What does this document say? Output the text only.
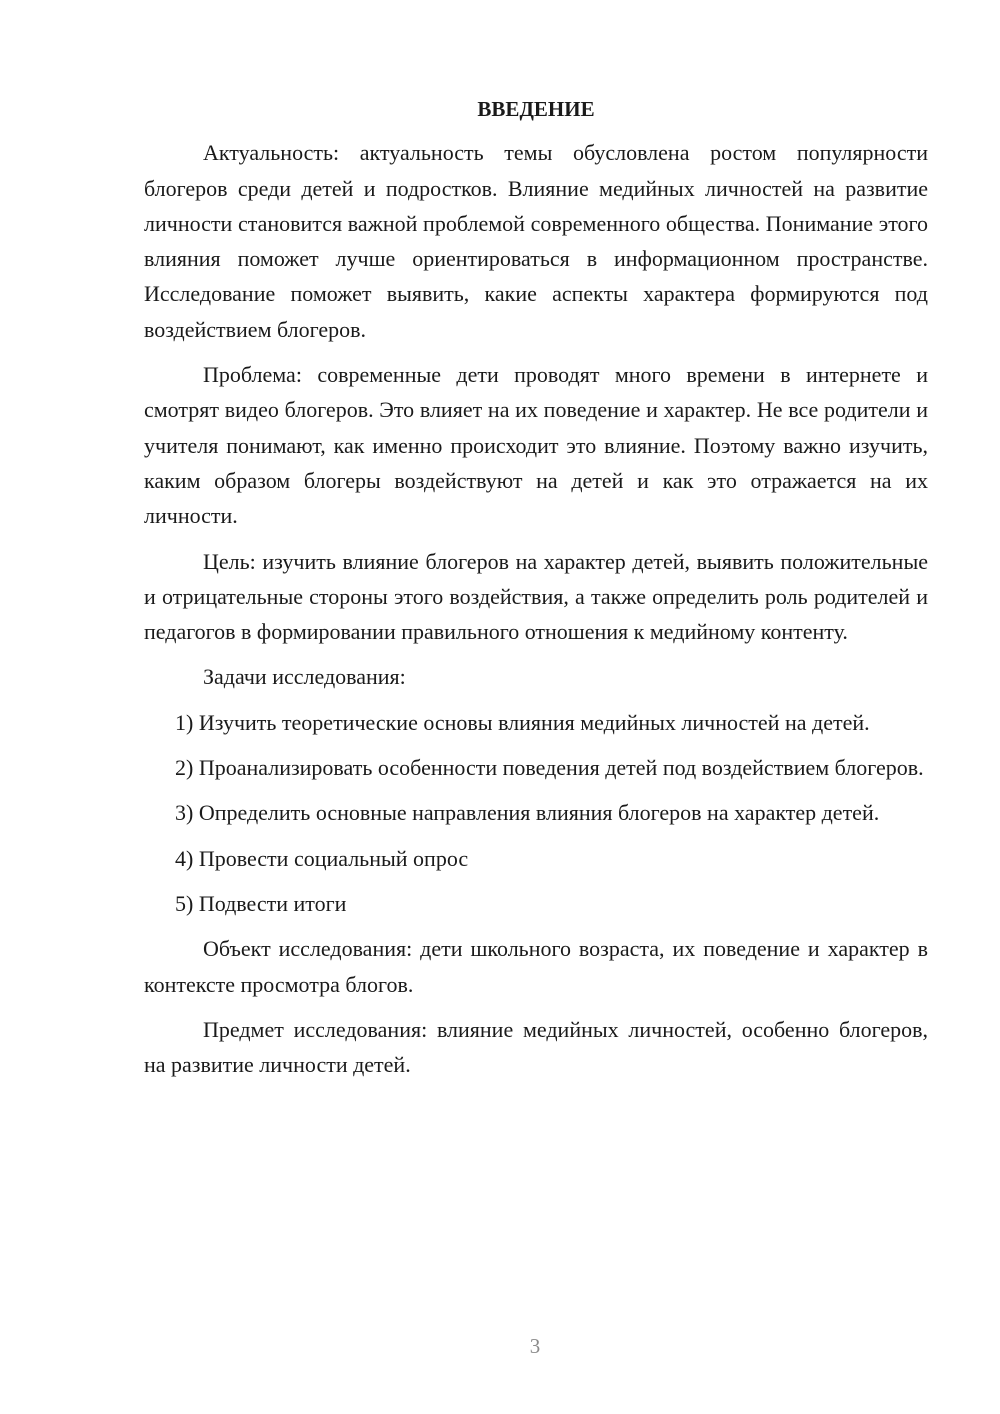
ВВЕДЕНИЕ

Актуальность: актуальность темы обусловлена ростом популярности блогеров среди детей и подростков. Влияние медийных личностей на развитие личности становится важной проблемой современного общества. Понимание этого влияния поможет лучше ориентироваться в информационном пространстве. Исследование поможет выявить, какие аспекты характера формируются под воздействием блогеров.

Проблема: современные дети проводят много времени в интернете и смотрят видео блогеров. Это влияет на их поведение и характер. Не все родители и учителя понимают, как именно происходит это влияние. Поэтому важно изучить, каким образом блогеры воздействуют на детей и как это отражается на их личности.

Цель: изучить влияние блогеров на характер детей, выявить положительные и отрицательные стороны этого воздействия, а также определить роль родителей и педагогов в формировании правильного отношения к медийному контенту.

Задачи исследования:

1) Изучить теоретические основы влияния медийных личностей на детей.

2) Проанализировать особенности поведения детей под воздействием блогеров.

3) Определить основные направления влияния блогеров на характер детей.

4) Провести социальный опрос

5) Подвести итоги

Объект исследования: дети школьного возраста, их поведение и характер в контексте просмотра блогов.

Предмет исследования: влияние медийных личностей, особенно блогеров, на развитие личности детей.

3
